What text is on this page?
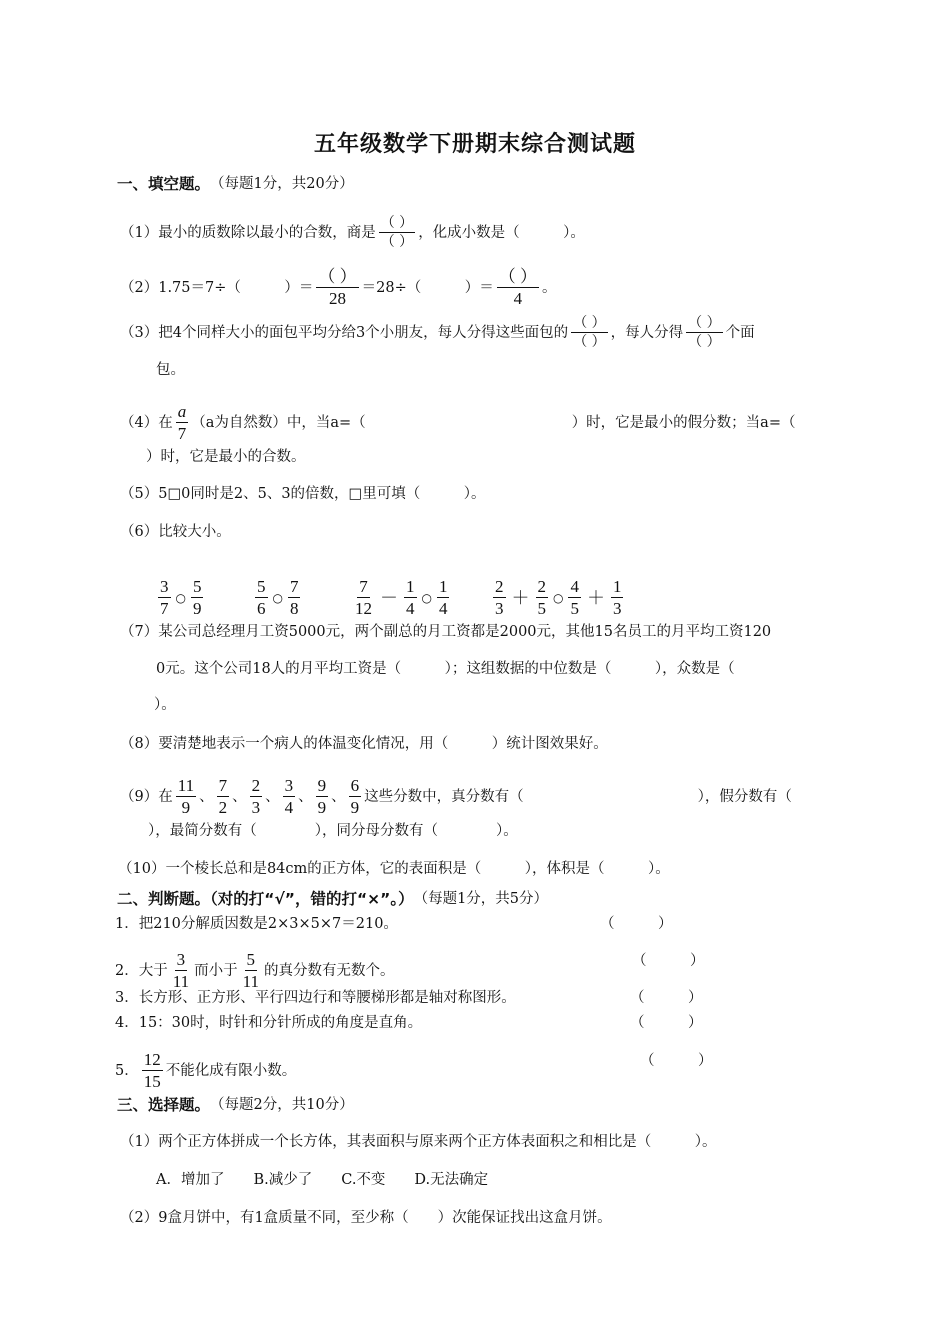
五年级数学下册期末综合测试题
一、填空题。 （每题1分，共20分）
（1）最小的质数除以最小的合数，商是 $\frac{( )}{( )}$ ，化成小数是（　　　）。
（2）1.75＝7÷（　　　）＝ $\frac{( )}{28} =28\div$（　　　）＝ $\frac{( )}{4}$ 。
（3）把4个同样大小的面包平均分给3个小朋友，每人分得这些面包的 $\frac{( )}{( )}$ ，每人分得 $\frac{( )}{( )}$ 个面
包。
（4）在 $\frac{a}{7} (a$为自然数）中，当a=（	）时，它是最小的假分数；当a=（
）时，它是最小的合数。
（5）5□0同时是2、5、3的倍数，□里可填（　　　）。
（6）比较大小。
$\frac{3}{7}$ ○ $\frac{5}{9}$	$\frac{5}{6}$ ○ $\frac{7}{8}$	$\frac{7}{12} - \frac{1}{4}$ ○ $\frac{1}{4}$	$\frac{2}{3} + \frac{2}{5}$ ○ $\frac{4}{5} + \frac{1}{3}$
（7）某公司总经理月工资5000元，两个副总的月工资都是2000元，其他15名员工的月平均工资120
0元。这个公司18人的月平均工资是（　　　）；这组数据的中位数是（　　　），众数是（
）。
（8）要清楚地表示一个病人的体温变化情况，用（　　　）统计图效果好。
（9）在 $\frac{11}{9}$ 、 $\frac{7}{2}$ 、 $\frac{2}{3}$ 、 $\frac{3}{4}$ 、 $\frac{9}{9}$ 、 $\frac{6}{9}$ 这些分数中，真分数有（	），假分数有（
），最简分数有（　　　　），同分母分数有（　　　　）。
（10）一个棱长总和是84cm的正方体，它的表面积是（　　　），体积是（　　　）。
二、判断题。（对的打“√”，错的打“×”。） （每题1分，共5分）
1．把210分解质因数是2×3×5×7＝210。	（　　　）
2．大于 $\frac{3}{11}$ 而小于 $\frac{5}{11}$ 的真分数有无数个。
（　　　）
3．长方形、正方形、平行四边行和等腰梯形都是轴对称图形。	（　　　）
4．15：30时，时针和分针所成的角度是直角。	（　　　）
5． $\frac{12}{15}$ 不能化成有限小数。
（　　　）
三、选择题。 （每题2分，共10分）
（1）两个正方体拼成一个长方体，其表面积与原来两个正方体表面积之和相比是（　　　）。
A．增加了　　B.减少了　　C.不变　　D.无法确定
（2）9盒月饼中，有1盒质量不同，至少称（　　）次能保证找出这盒月饼。
